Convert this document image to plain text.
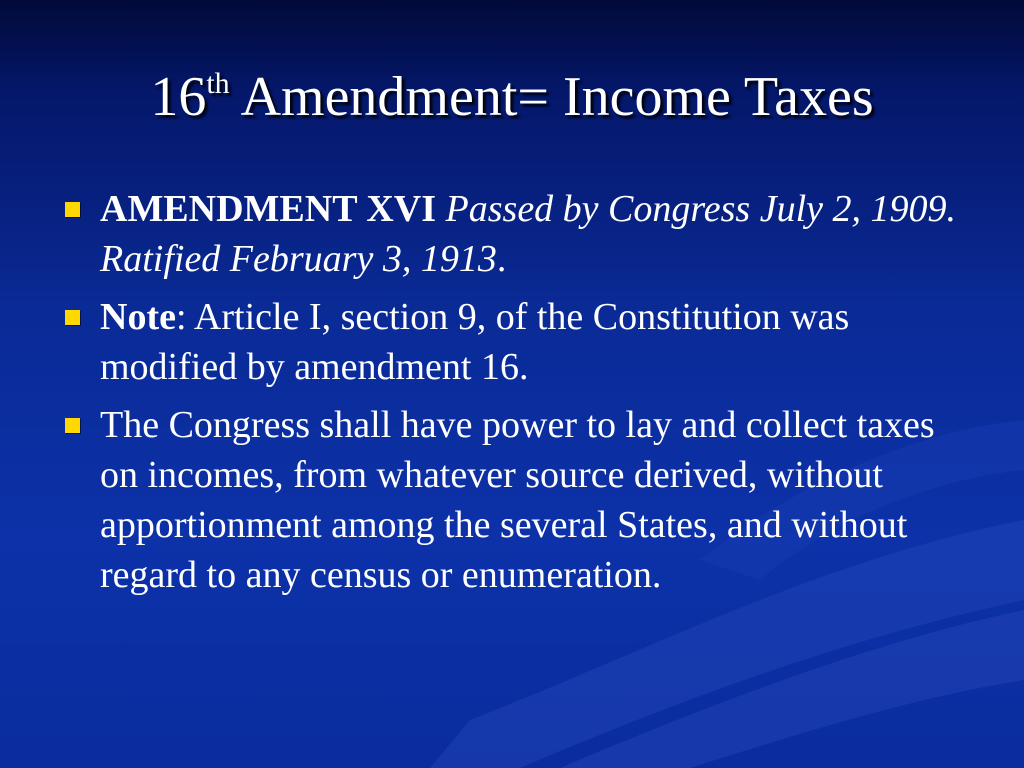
16th Amendment= Income Taxes
AMENDMENT XVI Passed by Congress July 2, 1909. Ratified February 3, 1913.
Note: Article I, section 9, of the Constitution was modified by amendment 16.
The Congress shall have power to lay and collect taxes on incomes, from whatever source derived, without apportionment among the several States, and without regard to any census or enumeration.
